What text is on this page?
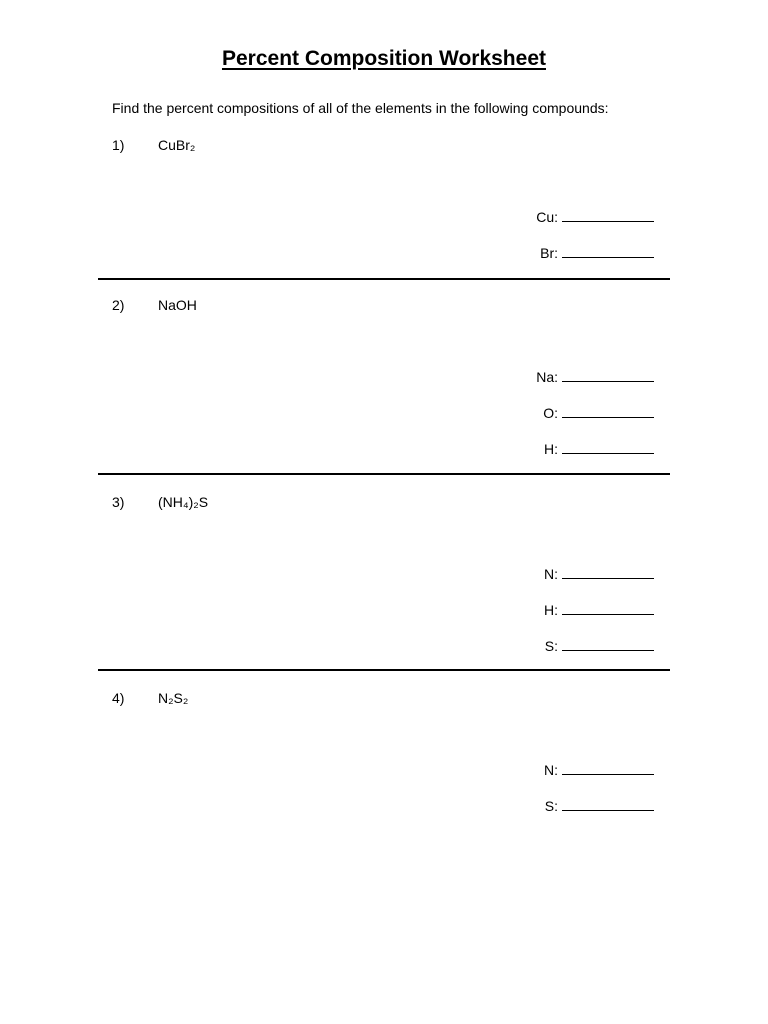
Percent Composition Worksheet
Find the percent compositions of all of the elements in the following compounds:
1) CuBr₂
Cu:
Br:
2) NaOH
Na:
O:
H:
3) (NH₄)₂S
N:
H:
S:
4) N₂S₂
N:
S:
